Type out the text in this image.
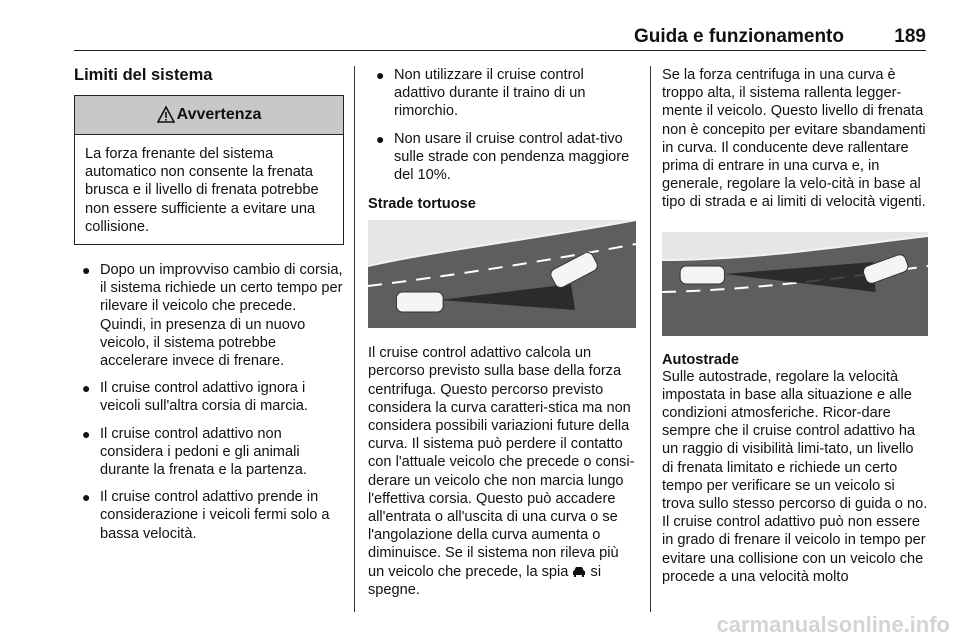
Guida e funzionamento	189
Limiti del sistema
Avvertenza
La forza frenante del sistema automatico non consente la frenata brusca e il livello di frenata potrebbe non essere sufficiente a evitare una collisione.
● Dopo un improvviso cambio di corsia, il sistema richiede un certo tempo per rilevare il veicolo che precede. Quindi, in presenza di un nuovo veicolo, il sistema potrebbe accelerare invece di frenare.
● Il cruise control adattivo ignora i veicoli sull'altra corsia di marcia.
● Il cruise control adattivo non considera i pedoni e gli animali durante la frenata e la partenza.
● Il cruise control adattivo prende in considerazione i veicoli fermi solo a bassa velocità.
● Non utilizzare il cruise control adattivo durante il traino di un rimorchio.
● Non usare il cruise control adat-tivo sulle strade con pendenza maggiore del 10%.
Strade tortuose

Il cruise control adattivo calcola un percorso previsto sulla base della forza centrifuga. Questo percorso previsto considera la curva caratteri-stica ma non considera possibili variazioni future della curva. Il sistema può perdere il contatto con l'attuale veicolo che precede o consi-derare un veicolo che non marcia lungo l'effettiva corsia. Questo può accadere all'entrata o all'uscita di una curva o se l'angolazione della curva aumenta o diminuisce. Se il sistema non rileva più un veicolo che precede, la spia si spegne.

Se la forza centrifuga in una curva è troppo alta, il sistema rallenta legger-mente il veicolo. Questo livello di frenata non è concepito per evitare sbandamenti in curva. Il conducente deve rallentare prima di entrare in una curva e, in generale, regolare la velo-cità in base al tipo di strada e ai limiti di velocità vigenti.

Autostrade

Sulle autostrade, regolare la velocità impostata in base alla situazione e alle condizioni atmosferiche. Ricor-dare sempre che il cruise control adattivo ha un raggio di visibilità limi-tato, un livello di frenata limitato e richiede un certo tempo per verificare se un veicolo si trova sullo stesso percorso di guida o no. Il cruise control adattivo può non essere in grado di frenare il veicolo in tempo per evitare una collisione con un veicolo che procede a una velocità molto

carmanualsonline.info
